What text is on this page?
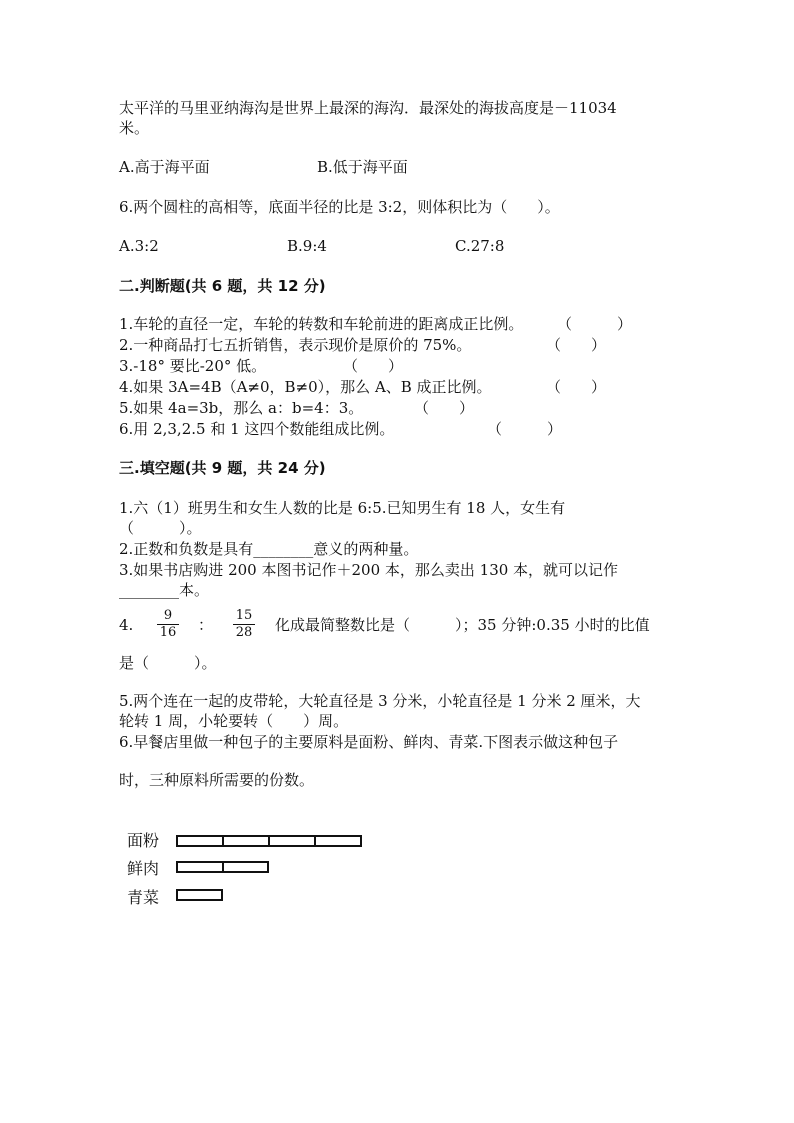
太平洋的马里亚纳海沟是世界上最深的海沟．最深处的海拔高度是－11034
米。
A.高于海平面	B.低于海平面
6.两个圆柱的高相等，底面半径的比是 3:2，则体积比为（　　）。
A.3:2	B.9:4	C.27:8
二.判断题(共 6 题，共 12 分)
1.车轮的直径一定，车轮的转数和车轮前进的距离成正比例。 （　　　）
2.一种商品打七五折销售，表示现价是原价的 75%。	（　　）
3.-18° 要比-20° 低。	（　　）
4.如果 3A=4B（A≠0，B≠0），那么 A、B 成正比例。	（　　）
5.如果 4a=3b，那么 a：b=4：3。	（　　）
6.用 2,3,2.5 和 1 这四个数能组成比例。	（　　　）
三.填空题(共 9 题，共 24 分)
1.六（1）班男生和女生人数的比是 6:5.已知男生有 18 人，女生有
（　　　）。
2.正数和负数是具有________意义的两种量。
3.如果书店购进 200 本图书记作＋200 本，那么卖出 130 本，就可以记作
________本。
4. $\frac{9}{16}$ ： $\frac{15}{28}$ 化成最简整数比是（　　　）；35 分钟:0.35 小时的比值
是（　　　）。
5.两个连在一起的皮带轮，大轮直径是 3 分米，小轮直径是 1 分米 2 厘米，大
轮转 1 周，小轮要转（　　）周。
6.早餐店里做一种包子的主要原料是面粉、鲜肉、青菜.下图表示做这种包子
时，三种原料所需要的份数。
面粉
鲜肉
青菜
